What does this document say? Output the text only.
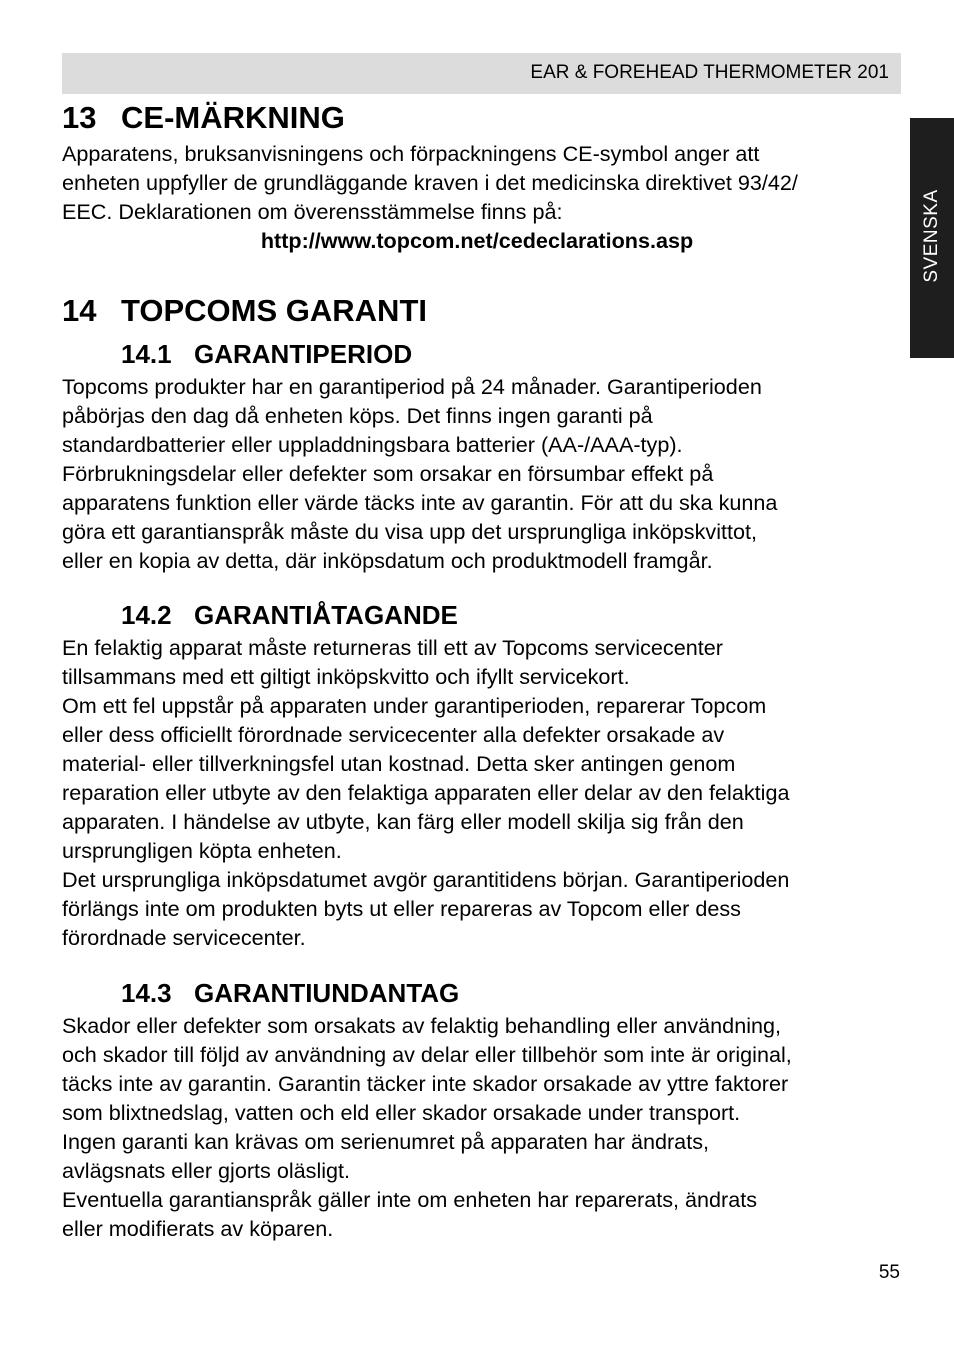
EAR & FOREHEAD THERMOMETER 201
SVENSKA
13 CE-MÄRKNING

Apparatens, bruksanvisningens och förpackningens CE-symbol anger att

enheten uppfyller de grundläggande kraven i det medicinska direktivet 93/42/

EEC. Deklarationen om överensstämmelse finns på:

http://www.topcom.net/cedeclarations.asp
14 TOPCOMS GARANTI
14.1 GARANTIPERIOD

Topcoms produkter har en garantiperiod på 24 månader. Garantiperioden

påbörjas den dag då enheten köps. Det finns ingen garanti på

standardbatterier eller uppladdningsbara batterier (AA-/AAA-typ).

Förbrukningsdelar eller defekter som orsakar en försumbar effekt på

apparatens funktion eller värde täcks inte av garantin. För att du ska kunna

göra ett garantianspråk måste du visa upp det ursprungliga inköpskvittot,

eller en kopia av detta, där inköpsdatum och produktmodell framgår.

14.2 GARANTIÅTAGANDE

En felaktig apparat måste returneras till ett av Topcoms servicecenter

tillsammans med ett giltigt inköpskvitto och ifyllt servicekort.

Om ett fel uppstår på apparaten under garantiperioden, reparerar Topcom

eller dess officiellt förordnade servicecenter alla defekter orsakade av

material- eller tillverkningsfel utan kostnad. Detta sker antingen genom

reparation eller utbyte av den felaktiga apparaten eller delar av den felaktiga

apparaten. I händelse av utbyte, kan färg eller modell skilja sig från den

ursprungligen köpta enheten.

Det ursprungliga inköpsdatumet avgör garantitidens början. Garantiperioden

förlängs inte om produkten byts ut eller repareras av Topcom eller dess

förordnade servicecenter.

14.3 GARANTIUNDANTAG

Skador eller defekter som orsakats av felaktig behandling eller användning,

och skador till följd av användning av delar eller tillbehör som inte är original,

täcks inte av garantin. Garantin täcker inte skador orsakade av yttre faktorer

som blixtnedslag, vatten och eld eller skador orsakade under transport.

Ingen garanti kan krävas om serienumret på apparaten har ändrats,

avlägsnats eller gjorts oläsligt.

Eventuella garantianspråk gäller inte om enheten har reparerats, ändrats

eller modifierats av köparen.

55
